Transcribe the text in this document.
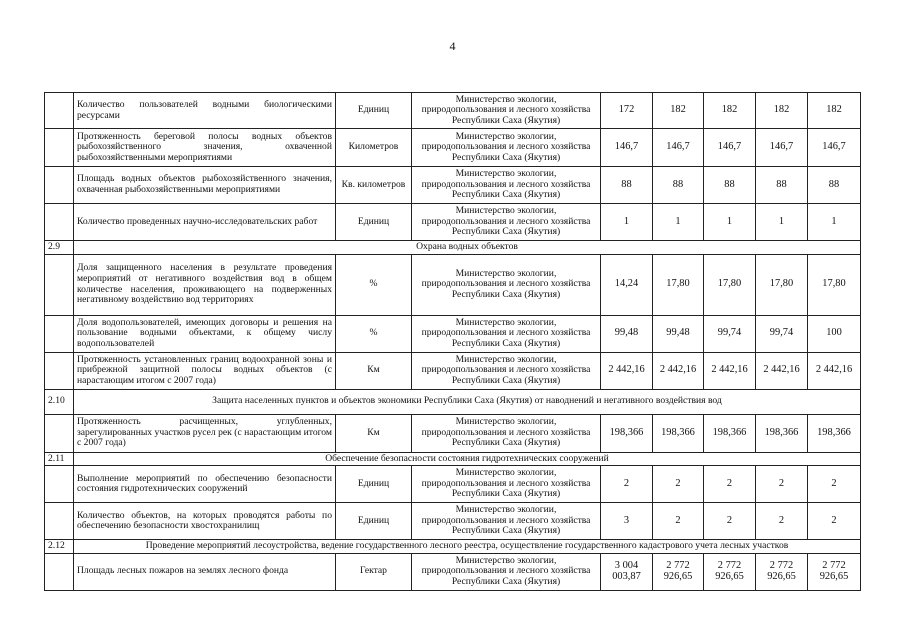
4
	Количество пользователей водными биологическими ресурсами	Единиц	Министерство экологии, природопользования и лесного хозяйства Республики Саха (Якутия)	172	182	182	182	182
	Протяженность береговой полосы водных объектов рыбохозяйственного значения, охваченной рыбохозяйственными мероприятиями	Километров	Министерство экологии, природопользования и лесного хозяйства Республики Саха (Якутия)	146,7	146,7	146,7	146,7	146,7
	Площадь водных объектов рыбохозяйственного значения, охваченная рыбохозяйственными мероприятиями	Кв. километров	Министерство экологии, природопользования и лесного хозяйства Республики Саха (Якутия)	88	88	88	88	88
	Количество проведенных научно-исследовательских работ	Единиц	Министерство экологии, природопользования и лесного хозяйства Республики Саха (Якутия)	1	1	1	1	1
2.9	Охрана водных объектов							
	Доля защищенного населения в результате проведения мероприятий от негативного воздействия вод в общем количестве населения, проживающего на подверженных негативному воздействию вод территориях	%	Министерство экологии, природопользования и лесного хозяйства Республики Саха (Якутия)	14,24	17,80	17,80	17,80	17,80
	Доля водопользователей, имеющих договоры и решения на пользование водными объектами, к общему числу водопользователей	%	Министерство экологии, природопользования и лесного хозяйства Республики Саха (Якутия)	99,48	99,48	99,74	99,74	100
	Протяженность установленных границ водоохранной зоны и прибрежной защитной полосы водных объектов (с нарастающим итогом с 2007 года)	Км	Министерство экологии, природопользования и лесного хозяйства Республики Саха (Якутия)	2 442,16	2 442,16	2 442,16	2 442,16	2 442,16
2.10	Защита населенных пунктов и объектов экономики Республики Саха (Якутия) от наводнений и негативного воздействия вод							
	Протяженность расчищенных, углубленных, зарегулированных участков русел рек (с нарастающим итогом с 2007 года)	Км	Министерство экологии, природопользования и лесного хозяйства Республики Саха (Якутия)	198,366	198,366	198,366	198,366	198,366
2.11	Обеспечение безопасности состояния гидротехнических сооружений							
	Выполнение мероприятий по обеспечению безопасности состояния гидротехнических сооружений	Единиц	Министерство экологии, природопользования и лесного хозяйства Республики Саха (Якутия)	2	2	2	2	2
	Количество объектов, на которых проводятся работы по обеспечению безопасности хвостохранилищ	Единиц	Министерство экологии, природопользования и лесного хозяйства Республики Саха (Якутия)	3	2	2	2	2
2.12	Проведение мероприятий лесоустройства, ведение государственного лесного реестра, осуществление государственного кадастрового учета лесных участков							
	Площадь лесных пожаров на землях лесного фонда	Гектар	Министерство экологии, природопользования и лесного хозяйства Республики Саха (Якутия)	3 004 003,87	2 772 926,65	2 772 926,65	2 772 926,65	2 772 926,65
